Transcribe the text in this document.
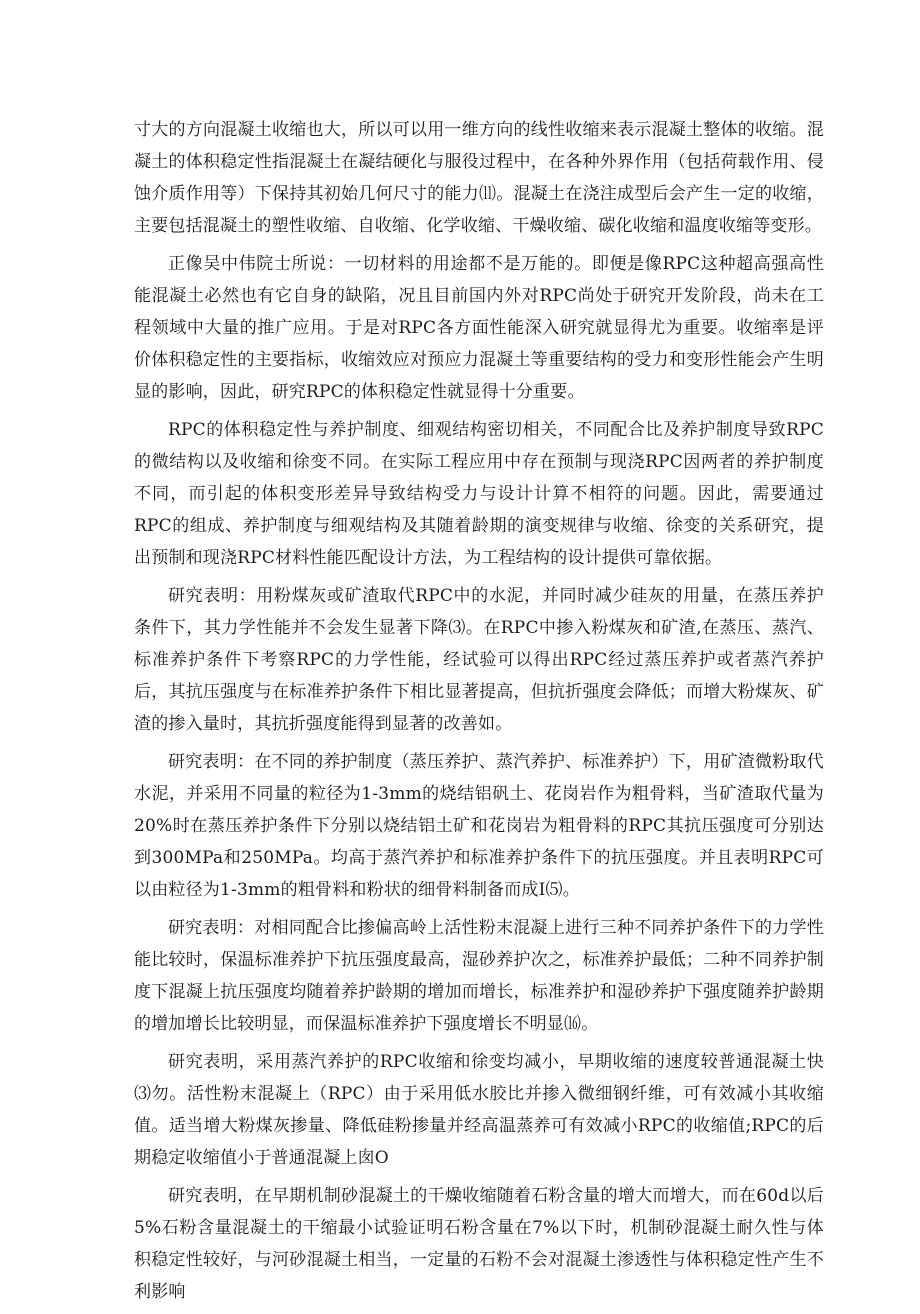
寸大的方向混凝土收缩也大，所以可以用一维方向的线性收缩来表示混凝土整体的收缩。混凝土的体积稳定性指混凝土在凝结硬化与服役过程中，在各种外界作用（包括荷载作用、侵蚀介质作用等）下保持其初始几何尺寸的能力⑾。混凝土在浇注成型后会产生一定的收缩，主要包括混凝土的塑性收缩、自收缩、化学收缩、干燥收缩、碳化收缩和温度收缩等变形。

正像吴中伟院士所说：一切材料的用途都不是万能的。即便是像RPC这种超高强高性能混凝土必然也有它自身的缺陷，况且目前国内外对RPC尚处于研究开发阶段，尚未在工程领域中大量的推广应用。于是对RPC各方面性能深入研究就显得尤为重要。收缩率是评价体积稳定性的主要指标，收缩效应对预应力混凝土等重要结构的受力和变形性能会产生明显的影响，因此，研究RPC的体积稳定性就显得十分重要。

RPC的体积稳定性与养护制度、细观结构密切相关，不同配合比及养护制度导致RPC的微结构以及收缩和徐变不同。在实际工程应用中存在预制与现浇RPC因两者的养护制度不同，而引起的体积变形差异导致结构受力与设计计算不相符的问题。因此，需要通过RPC的组成、养护制度与细观结构及其随着龄期的演变规律与收缩、徐变的关系研究，提出预制和现浇RPC材料性能匹配设计方法，为工程结构的设计提供可靠依据。

研究表明：用粉煤灰或矿渣取代RPC中的水泥，并同时减少硅灰的用量，在蒸压养护条件下，其力学性能并不会发生显著下降⑶。在RPC中掺入粉煤灰和矿渣,在蒸压、蒸汽、标准养护条件下考察RPC的力学性能，经试验可以得出RPC经过蒸压养护或者蒸汽养护后，其抗压强度与在标准养护条件下相比显著提高，但抗折强度会降低；而增大粉煤灰、矿渣的掺入量时，其抗折强度能得到显著的改善如。

研究表明：在不同的养护制度（蒸压养护、蒸汽养护、标准养护）下，用矿渣微粉取代水泥，并采用不同量的粒径为1-3mm的烧结铝矾土、花岗岩作为粗骨料，当矿渣取代量为20%时在蒸压养护条件下分别以烧结铝土矿和花岗岩为粗骨料的RPC其抗压强度可分别达到300MPa和250MPa。均高于蒸汽养护和标准养护条件下的抗压强度。并且表明RPC可以由粒径为1-3mm的粗骨料和粉状的细骨料制备而成I⑸。

研究表明：对相同配合比掺偏高岭上活性粉末混凝上进行三种不同养护条件下的力学性能比较时，保温标准养护下抗压强度最高，湿砂养护次之，标准养护最低；二种不同养护制度下混凝上抗压强度均随着养护龄期的增加而增长，标准养护和湿砂养护下强度随养护龄期的增加增长比较明显，而保温标准养护下强度增长不明显⒃。

研究表明，采用蒸汽养护的RPC收缩和徐变均减小，早期收缩的速度较普通混凝土快⑶勿。活性粉末混凝上（RPC）由于采用低水胶比并掺入微细钢纤维，可有效减小其收缩值。适当增大粉煤灰掺量、降低硅粉掺量并经高温蒸养可有效减小RPC的收缩值;RPC的后期稳定收缩值小于普通混凝上囱O

研究表明，在早期机制砂混凝土的干燥收缩随着石粉含量的增大而增大，而在60d以后5%石粉含量混凝土的干缩最小试验证明石粉含量在7%以下时，机制砂混凝土耐久性与体积稳定性较好，与河砂混凝土相当，一定量的石粉不会对混凝土渗透性与体积稳定性产生不利影响
